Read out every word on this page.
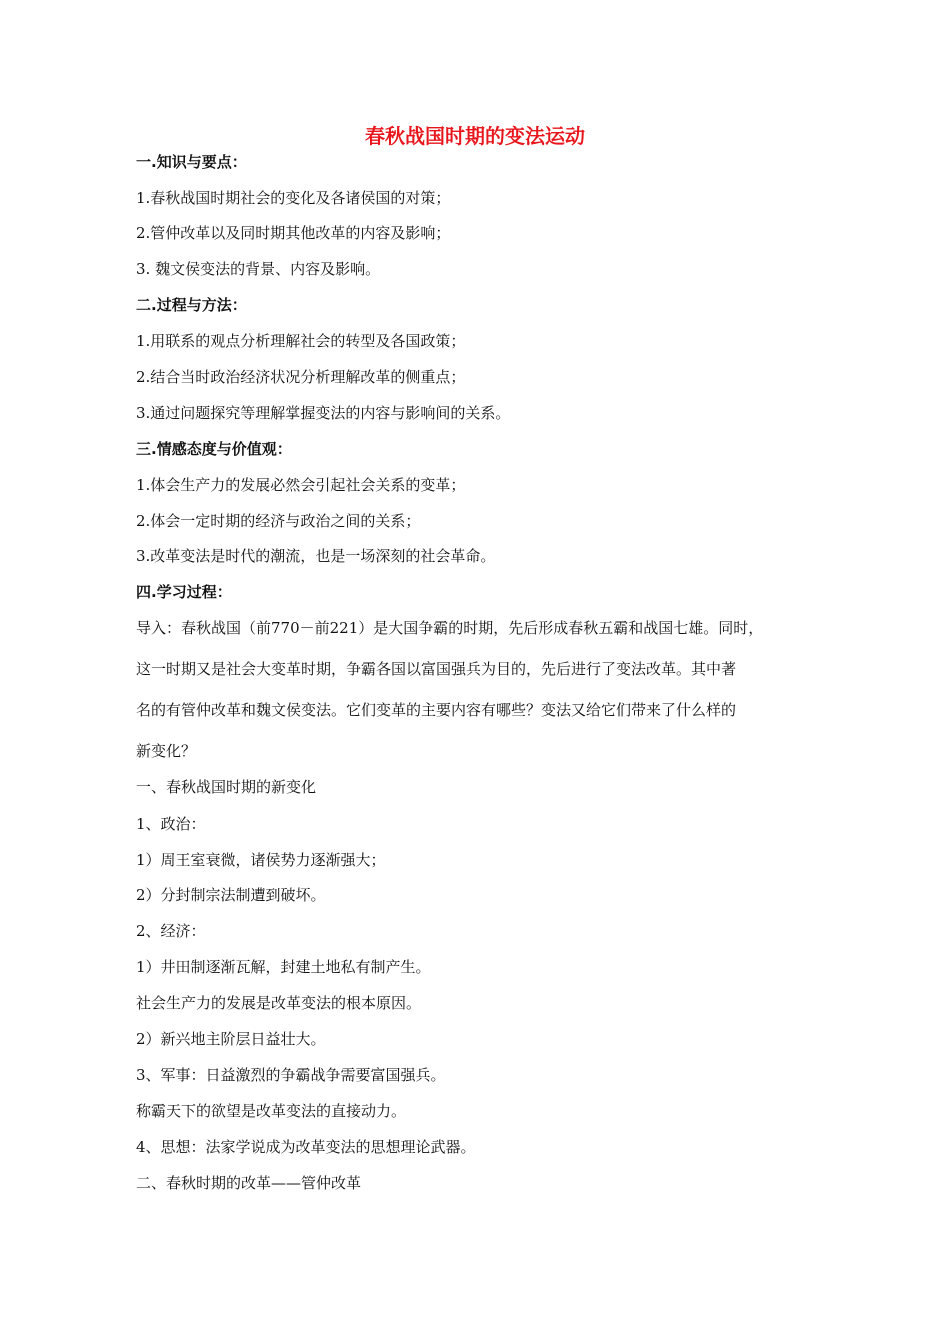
春秋战国时期的变法运动
一.知识与要点：
1.春秋战国时期社会的变化及各诸侯国的对策；
2.管仲改革以及同时期其他改革的内容及影响；
3. 魏文侯变法的背景、内容及影响。
二.过程与方法：
1.用联系的观点分析理解社会的转型及各国政策；
2.结合当时政治经济状况分析理解改革的侧重点；
3.通过问题探究等理解掌握变法的内容与影响间的关系。
三.情感态度与价值观：
1.体会生产力的发展必然会引起社会关系的变革；
2.体会一定时期的经济与政治之间的关系；
3.改革变法是时代的潮流，也是一场深刻的社会革命。
四.学习过程：
导入：春秋战国（前770－前221）是大国争霸的时期，先后形成春秋五霸和战国七雄。同时，
这一时期又是社会大变革时期，争霸各国以富国强兵为目的，先后进行了变法改革。其中著
名的有管仲改革和魏文侯变法。它们变革的主要内容有哪些？变法又给它们带来了什么样的
新变化？
一、春秋战国时期的新变化
1、政治：
1）周王室衰微，诸侯势力逐渐强大；
2）分封制宗法制遭到破坏。
2、经济：
1）井田制逐渐瓦解，封建土地私有制产生。
社会生产力的发展是改革变法的根本原因。
2）新兴地主阶层日益壮大。
3、军事：日益激烈的争霸战争需要富国强兵。
称霸天下的欲望是改革变法的直接动力。
4、思想：法家学说成为改革变法的思想理论武器。
二、春秋时期的改革——管仲改革
